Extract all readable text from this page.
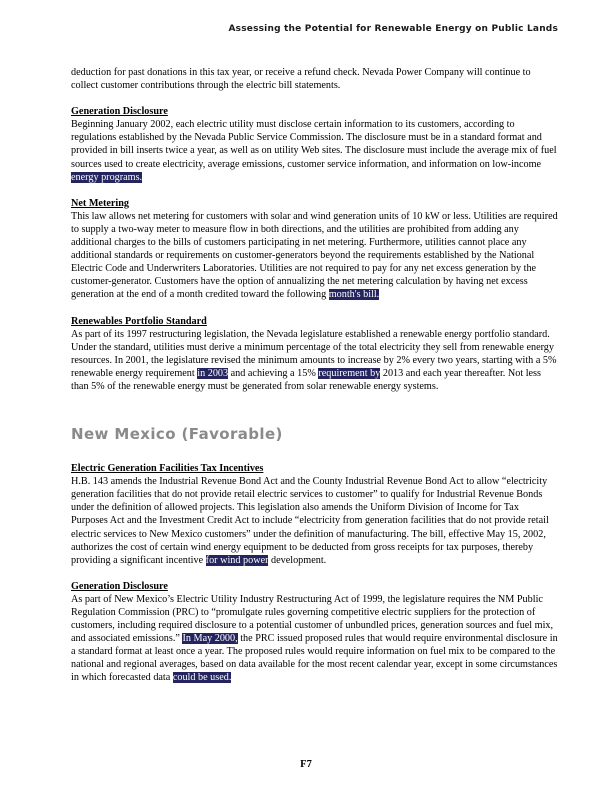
Assessing the Potential for Renewable Energy on Public Lands

deduction for past donations in this tax year, or receive a refund check. Nevada Power Company will continue to collect customer contributions through the electric bill statements.

Generation Disclosure

Beginning January 2002, each electric utility must disclose certain information to its customers, according to regulations established by the Nevada Public Service Commission. The disclosure must be in a standard format and provided in bill inserts twice a year, as well as on utility Web sites. The disclosure must include the average mix of fuel sources used to create electricity, average emissions, customer service information, and information on low-income energy programs.

Net Metering

This law allows net metering for customers with solar and wind generation units of 10 kW or less. Utilities are required to supply a two-way meter to measure flow in both directions, and the utilities are prohibited from adding any additional charges to the bills of customers participating in net metering. Furthermore, utilities cannot place any additional standards or requirements on customer-generators beyond the requirements established by the National Electric Code and Underwriters Laboratories. Utilities are not required to pay for any net excess generation by the customer-generator. Customers have the option of annualizing the net metering calculation by having net excess generation at the end of a month credited toward the following month's bill.

Renewables Portfolio Standard

As part of its 1997 restructuring legislation, the Nevada legislature established a renewable energy portfolio standard. Under the standard, utilities must derive a minimum percentage of the total electricity they sell from renewable energy resources. In 2001, the legislature revised the minimum amounts to increase by 2% every two years, starting with a 5% renewable energy requirement in 2003 and achieving a 15% requirement by 2013 and each year thereafter. Not less than 5% of the renewable energy must be generated from solar renewable energy systems.

New Mexico (Favorable)
Electric Generation Facilities Tax Incentives

H.B. 143 amends the Industrial Revenue Bond Act and the County Industrial Revenue Bond Act to allow “electricity generation facilities that do not provide retail electric services to customer” to qualify for Industrial Revenue Bonds under the definition of allowed projects. This legislation also amends the Uniform Division of Income for Tax Purposes Act and the Investment Credit Act to include “electricity from generation facilities that do not provide retail electric services to New Mexico customers” under the definition of manufacturing. The bill, effective May 15, 2002, authorizes the cost of certain wind energy equipment to be deducted from gross receipts for tax purposes, thereby providing a significant incentive for wind power development.

Generation Disclosure

As part of New Mexico’s Electric Utility Industry Restructuring Act of 1999, the legislature requires the NM Public Regulation Commission (PRC) to “promulgate rules governing competitive electric suppliers for the protection of customers, including required disclosure to a potential customer of unbundled prices, generation sources and fuel mix, and associated emissions.” In May 2000, the PRC issued proposed rules that would require environmental disclosure in a standard format at least once a year. The proposed rules would require information on fuel mix to be compared to the national and regional averages, based on data available for the most recent calendar year, except in some circumstances in which forecasted data could be used.

F7
